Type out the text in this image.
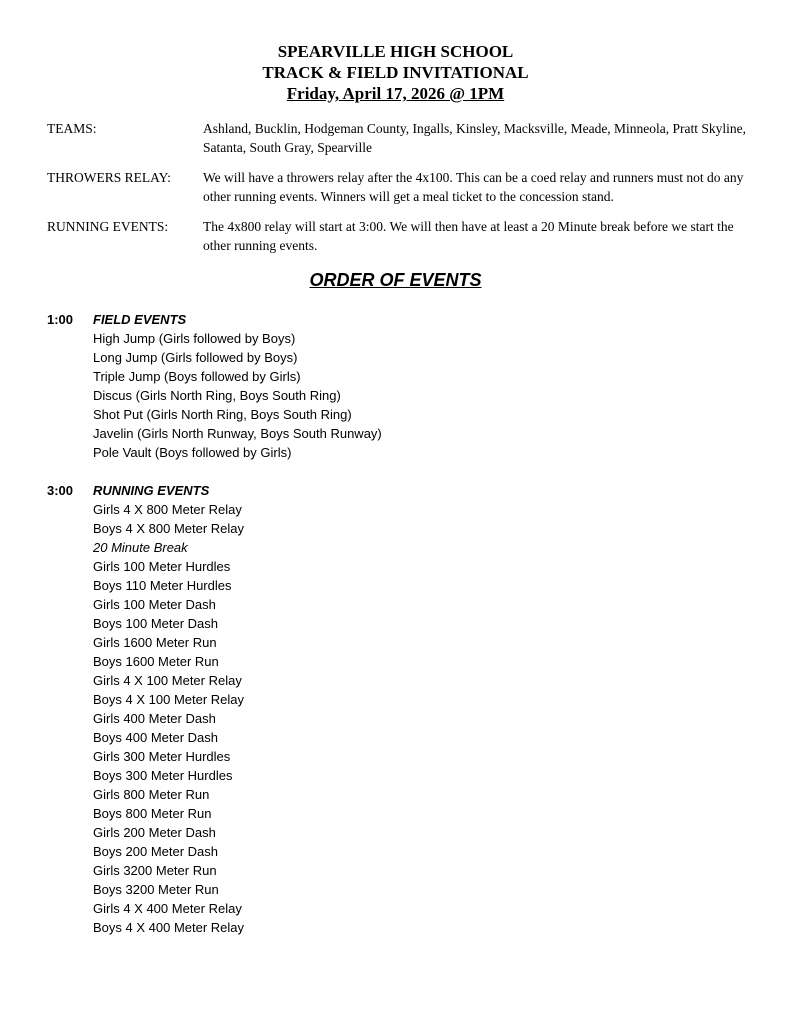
SPEARVILLE HIGH SCHOOL
TRACK & FIELD INVITATIONAL
Friday, April 17, 2026 @ 1PM
TEAMS:	Ashland, Bucklin, Hodgeman County, Ingalls, Kinsley, Macksville, Meade, Minneola, Pratt Skyline, Satanta, South Gray, Spearville
THROWERS RELAY:	We will have a throwers relay after the 4x100. This can be a coed relay and runners must not do any other running events. Winners will get a meal ticket to the concession stand.
RUNNING EVENTS:	The 4x800 relay will start at 3:00. We will then have at least a 20 Minute break before we start the other running events.
ORDER OF EVENTS
1:00	FIELD EVENTS
High Jump (Girls followed by Boys)
Long Jump (Girls followed by Boys)
Triple Jump (Boys followed by Girls)
Discus (Girls North Ring, Boys South Ring)
Shot Put (Girls North Ring, Boys South Ring)
Javelin (Girls North Runway, Boys South Runway)
Pole Vault (Boys followed by Girls)
3:00	RUNNING EVENTS
Girls 4 X 800 Meter Relay
Boys 4 X 800 Meter Relay
20 Minute Break
Girls 100 Meter Hurdles
Boys 110 Meter Hurdles
Girls 100 Meter Dash
Boys 100 Meter Dash
Girls 1600 Meter Run
Boys 1600 Meter Run
Girls 4 X 100 Meter Relay
Boys 4 X 100 Meter Relay
Girls 400 Meter Dash
Boys 400 Meter Dash
Girls 300 Meter Hurdles
Boys 300 Meter Hurdles
Girls 800 Meter Run
Boys 800 Meter Run
Girls 200 Meter Dash
Boys 200 Meter Dash
Girls 3200 Meter Run
Boys 3200 Meter Run
Girls 4 X 400 Meter Relay
Boys 4 X 400 Meter Relay
